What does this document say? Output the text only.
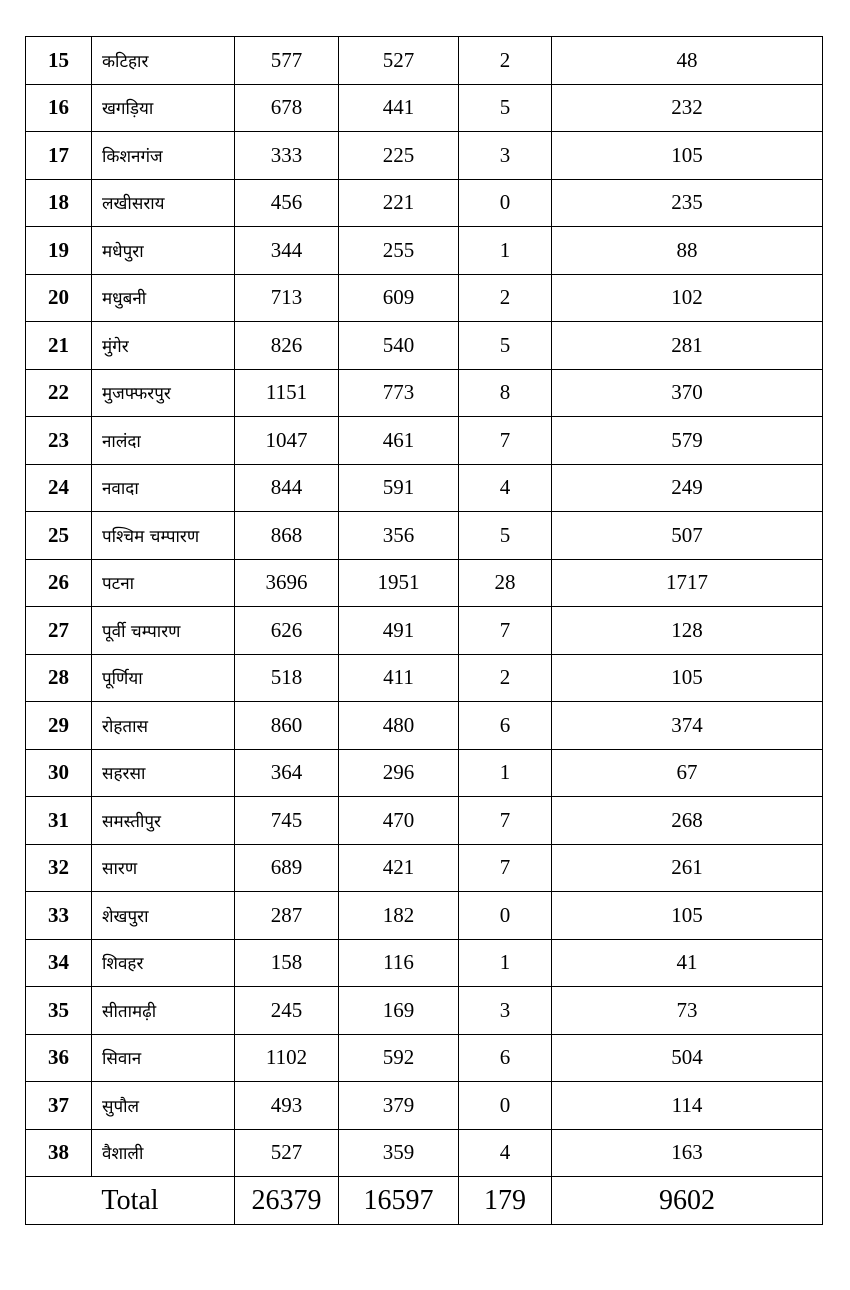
15	कटिहार	577	527	2	48
16	खगड़िया	678	441	5	232
17	किशनगंज	333	225	3	105
18	लखीसराय	456	221	0	235
19	मधेपुरा	344	255	1	88
20	मधुबनी	713	609	2	102
21	मुंगेर	826	540	5	281
22	मुजफ्फरपुर	1151	773	8	370
23	नालंदा	1047	461	7	579
24	नवादा	844	591	4	249
25	पश्चिम चम्पारण	868	356	5	507
26	पटना	3696	1951	28	1717
27	पूर्वी चम्पारण	626	491	7	128
28	पूर्णिया	518	411	2	105
29	रोहतास	860	480	6	374
30	सहरसा	364	296	1	67
31	समस्तीपुर	745	470	7	268
32	सारण	689	421	7	261
33	शेखपुरा	287	182	0	105
34	शिवहर	158	116	1	41
35	सीतामढ़ी	245	169	3	73
36	सिवान	1102	592	6	504
37	सुपौल	493	379	0	114
38	वैशाली	527	359	4	163
Total		26379	16597	179	9602
